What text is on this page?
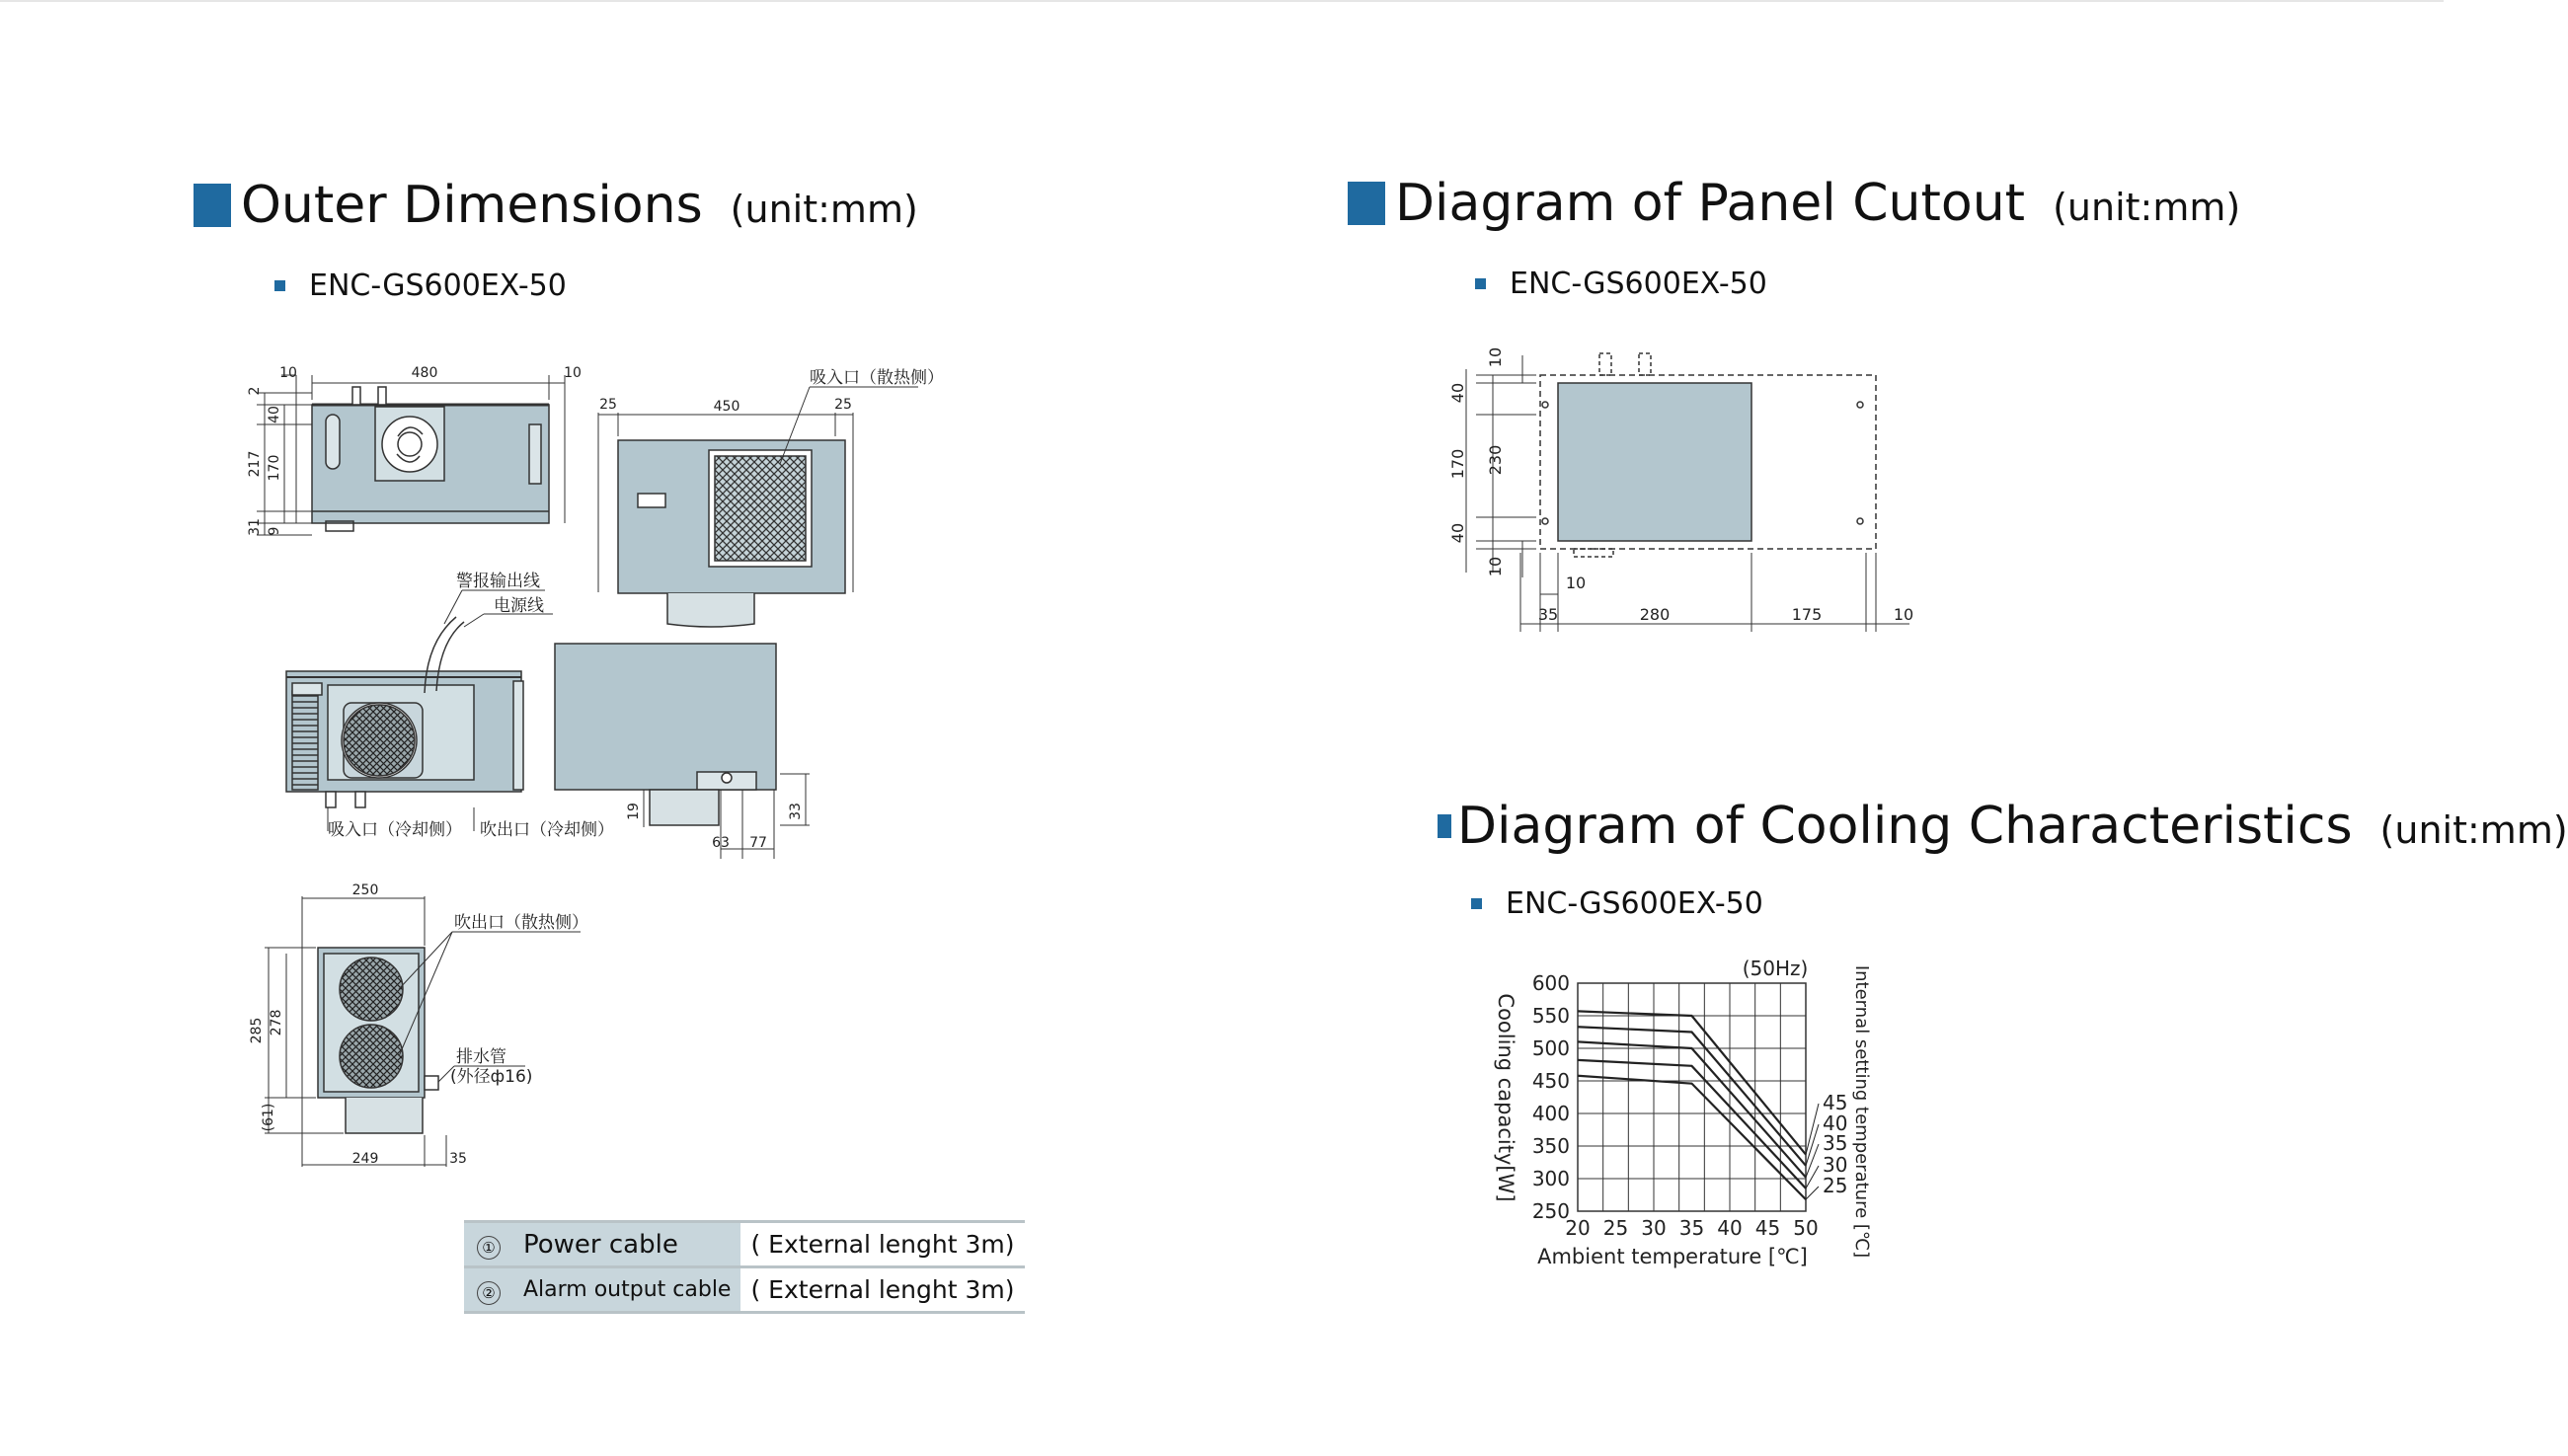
Outer Dimensions (unit:mm)
ENC-GS600EX-50
480
10	10
2
40
170
217
31 9
吸入口（散热侧）
25	450	25
警报输出线
电源线
吸入口（冷却侧） 吹出口（冷却侧）
19	33
63 77
250
吹出口（散热侧）
排水管
(外径ф16)
285 278
(61)
249	35
①	Power cable	( External lenght 3m)
②	Alarm output cable	( External lenght 3m)
Diagram of Panel Cutout (unit:mm)
ENC-GS600EX-50
10
40
170 230
40
10
10
35	280	175	10
Diagram of Cooling Characteristics (unit:mm)
ENC-GS600EX-50
20 25 30 35 40 45 50
250
300
350
400
450
500
550
600
45
40
35
30
25
(50Hz)
Ambient temperature [℃]
Cooling capacity[W]	Internal setting temperature [℃]
